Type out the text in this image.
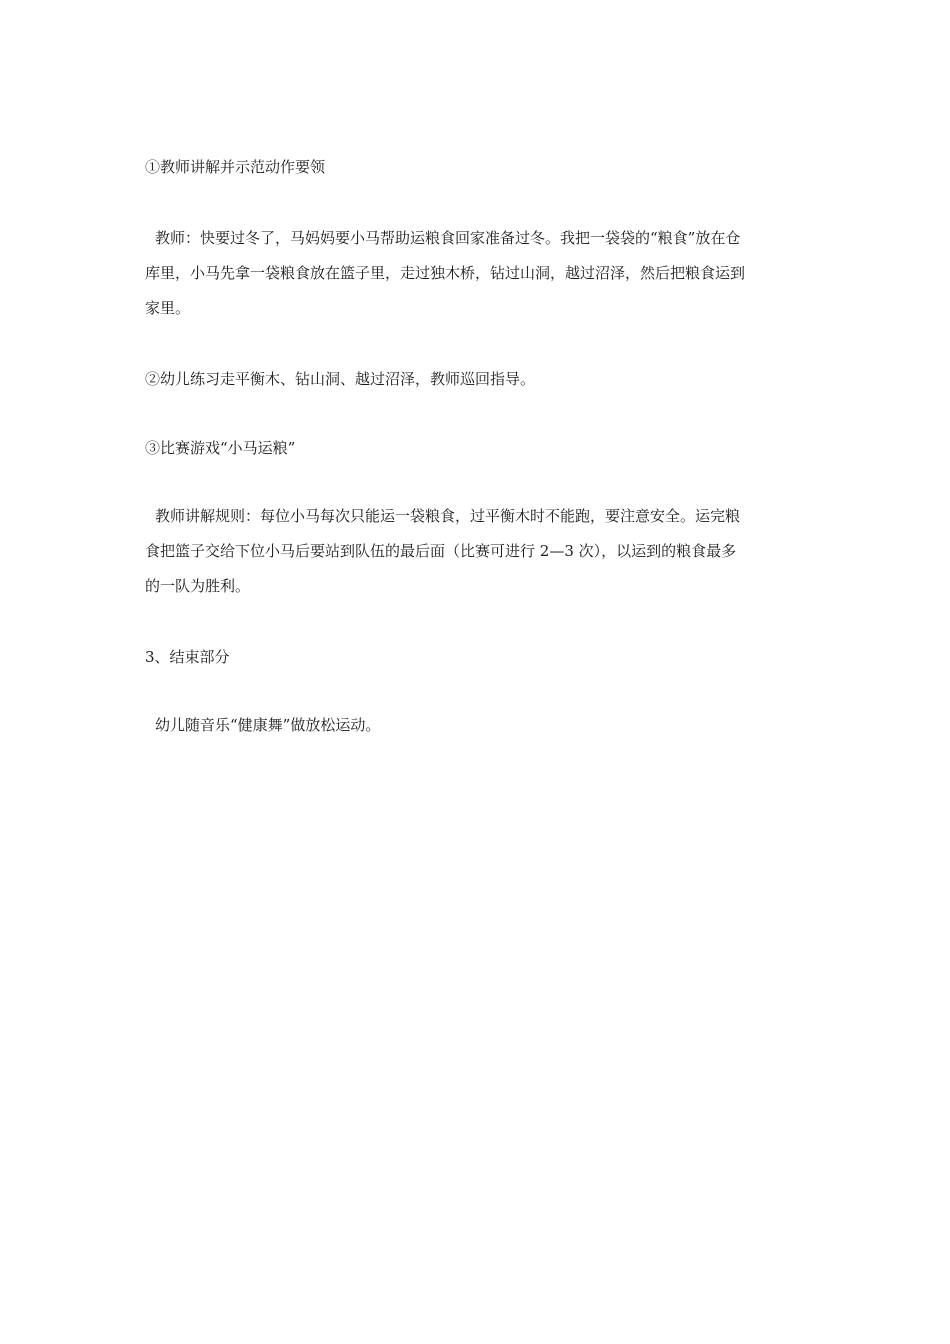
①教师讲解并示范动作要领

教师：快要过冬了，马妈妈要小马帮助运粮食回家准备过冬。我把一袋袋的“粮食”放在仓
库里，小马先拿一袋粮食放在篮子里，走过独木桥，钻过山洞，越过沼泽，然后把粮食运到
家里。

②幼儿练习走平衡木、钻山洞、越过沼泽，教师巡回指导。

③比赛游戏“小马运粮”

教师讲解规则：每位小马每次只能运一袋粮食，过平衡木时不能跑，要注意安全。运完粮
食把篮子交给下位小马后要站到队伍的最后面（比赛可进行 2—3 次），以运到的粮食最多
的一队为胜利。

3、结束部分

幼儿随音乐“健康舞”做放松运动。
